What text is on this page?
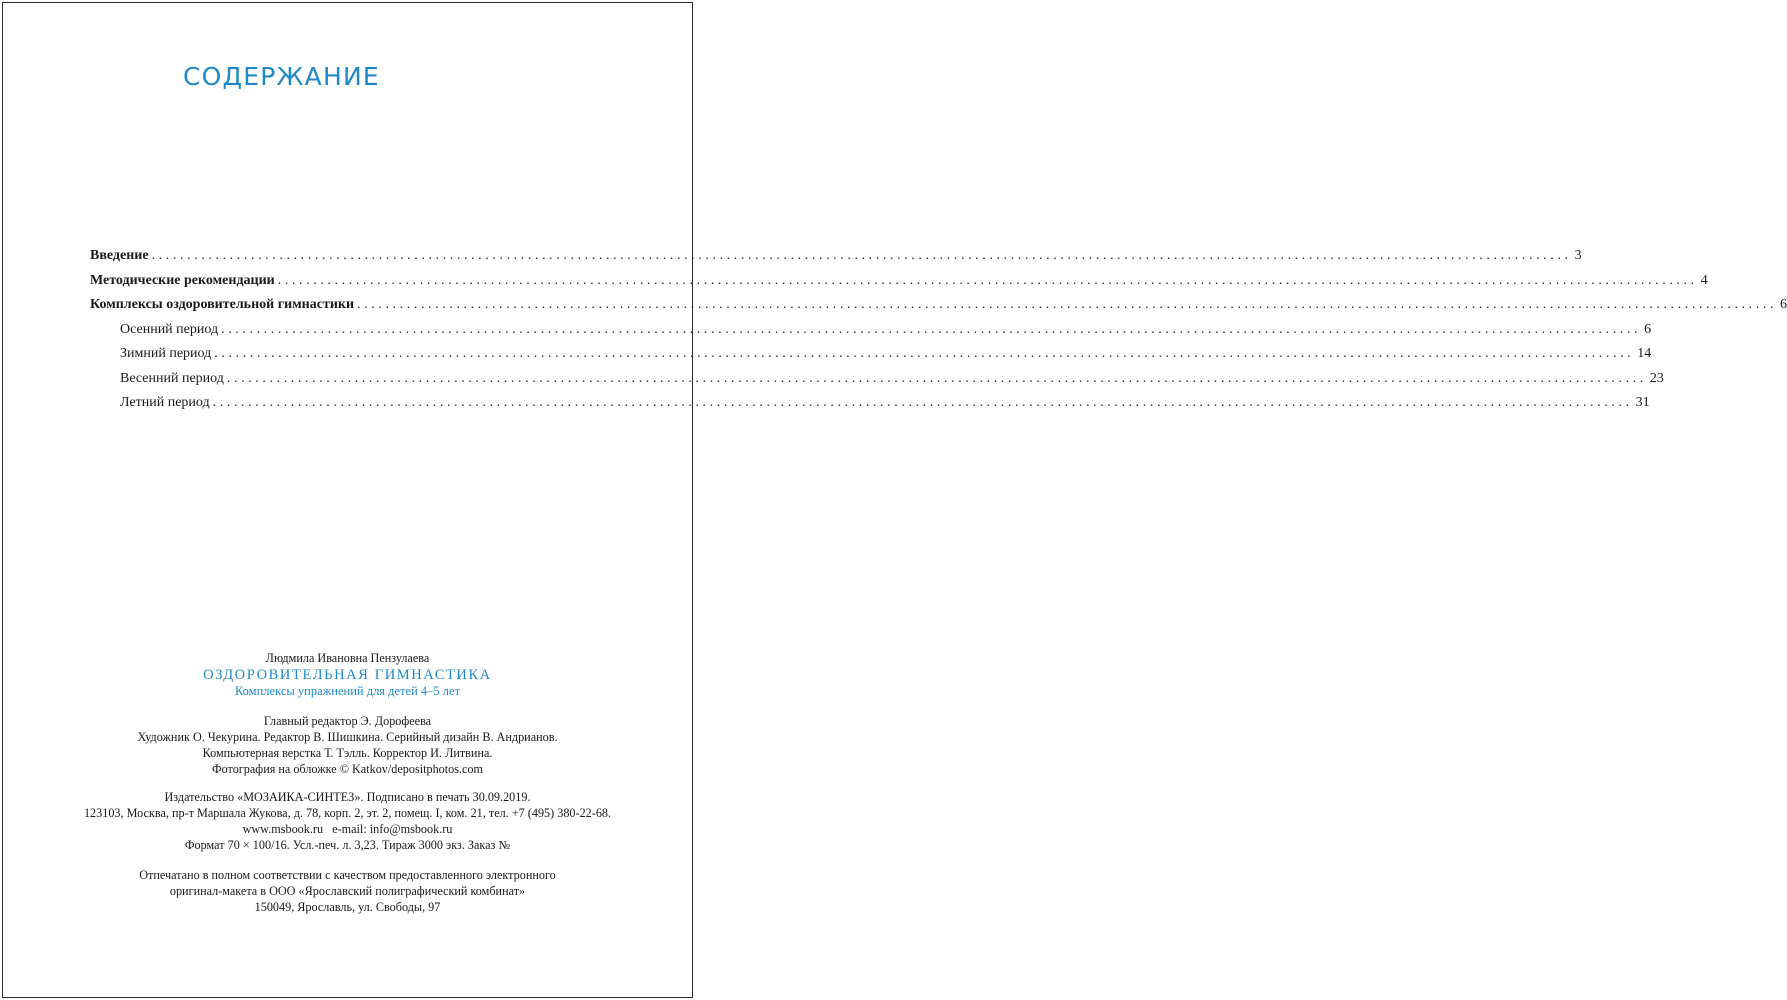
СОДЕРЖАНИЕ
Введение ........................................................................................................................................................................................................ 3
Методические рекомендации ........................................................................................................................................................................................................ 4
Комплексы оздоровительной гимнастики ........................................................................................................................................................................................................ 6
Осенний период ........................................................................................................................................................................................................ 6
Зимний период ........................................................................................................................................................................................................ 14
Весенний период ........................................................................................................................................................................................................ 23
Летний период ........................................................................................................................................................................................................ 31

Людмила Ивановна Пензулаева

ОЗДОРОВИТЕЛЬНАЯ ГИМНАСТИКА

Комплексы упражнений для детей 4–5 лет

Главный редактор Э. Дорофеева

Художник О. Чекурина. Редактор В. Шишкина. Серийный дизайн В. Андрианов.

Компьютерная верстка Т. Тэлль. Корректор И. Литвина.

Фотография на обложке © Katkov/depositphotos.com

Издательство «МОЗАИКА-СИНТЕЗ». Подписано в печать 30.09.2019.

123103, Москва, пр-т Маршала Жукова, д. 78, корп. 2, эт. 2, помещ. I, ком. 21, тел. +7 (495) 380-22-68.

www.msbook.ru   e-mail: info@msbook.ru

Формат 70 × 100/16. Усл.-печ. л. 3,23. Тираж 3000 экз. Заказ №

Отпечатано в полном соответствии с качеством предоставленного электронного

оригинал-макета в ООО «Ярославский полиграфический комбинат»

150049, Ярославль, ул. Свободы, 97
